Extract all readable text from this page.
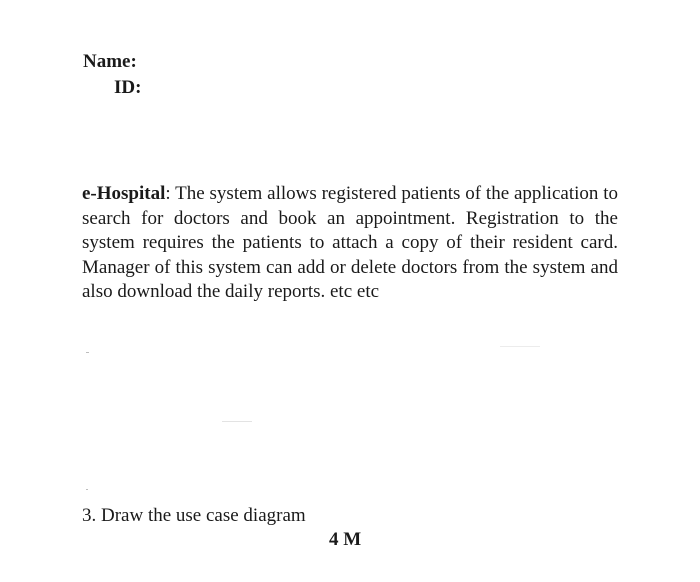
Name:
ID:
e-Hospital: The system allows registered patients of the application to search for doctors and book an appointment. Registration to the system requires the patients to attach a copy of their resident card. Manager of this system can add or delete doctors from the system and also download the daily reports. etc etc
3. Draw the use case diagram
4 M
